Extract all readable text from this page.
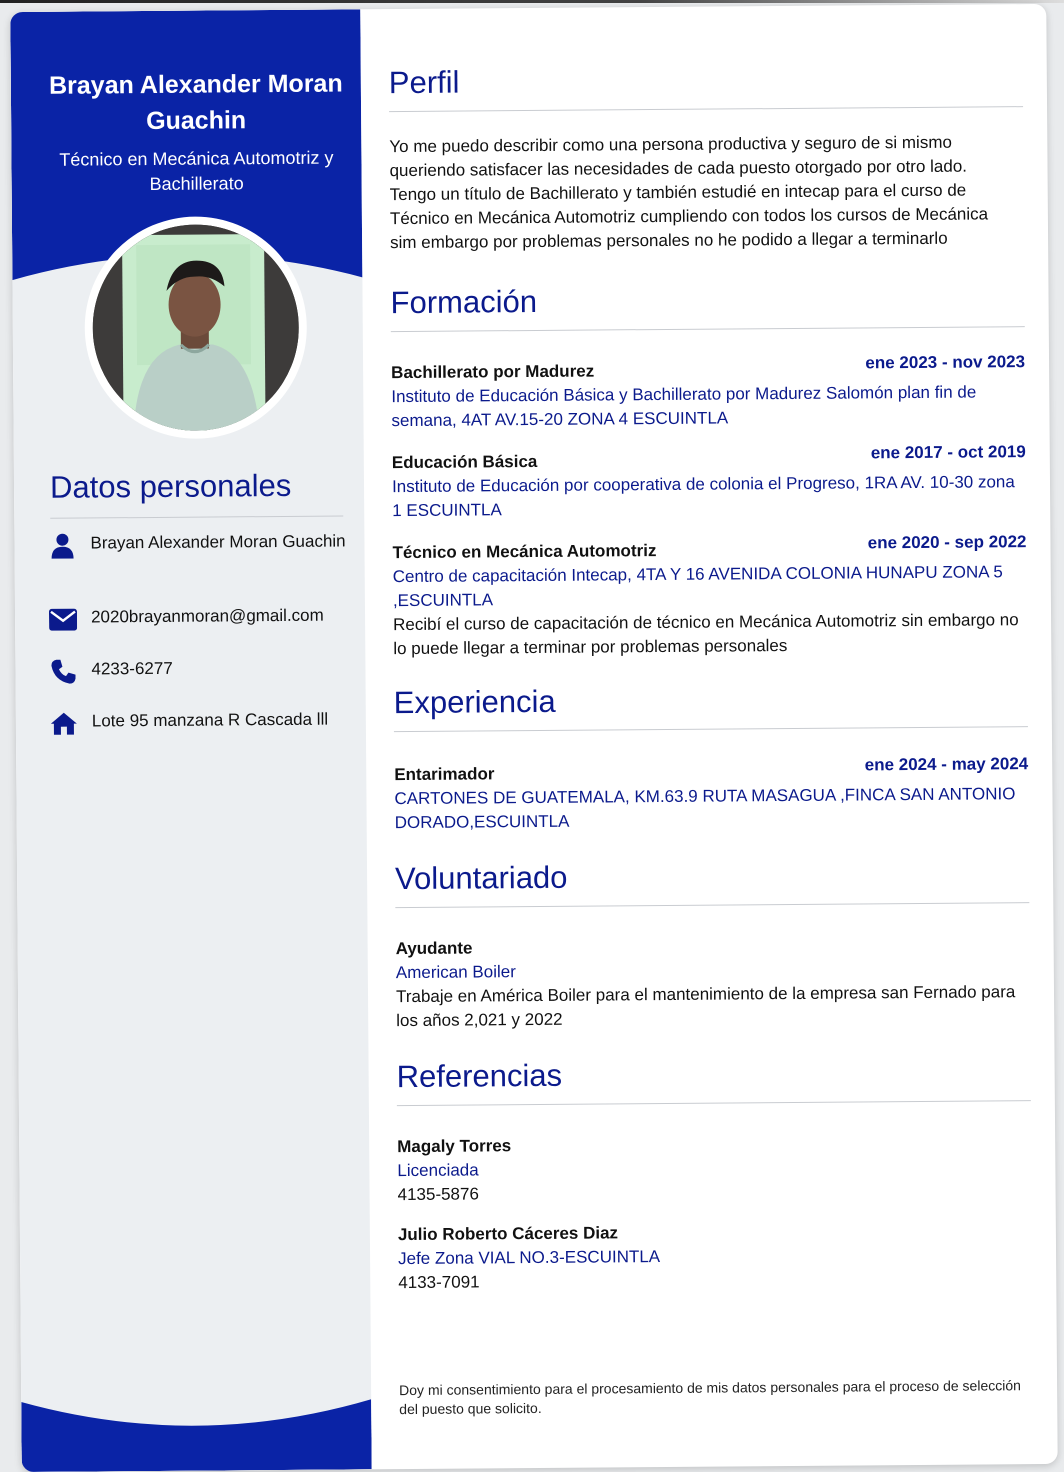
Brayan Alexander Moran Guachin
Técnico en Mecánica Automotriz y Bachillerato
Datos personales
Brayan Alexander Moran Guachin
2020brayanmoran@gmail.com
4233-6277
Lote 95 manzana R Cascada lll
Perfil
Yo me puedo describir como una persona productiva y seguro de si mismo queriendo satisfacer las necesidades de cada puesto otorgado por otro lado. Tengo un título de Bachillerato y también estudié en intecap para el curso de Técnico en Mecánica Automotriz cumpliendo con todos los cursos de Mecánica sim embargo por problemas personales no he podido a llegar a terminarlo
Formación
Bachillerato por Madurez	ene 2023 - nov 2023
Instituto de Educación Básica y Bachillerato por Madurez Salomón plan fin de semana, 4AT AV.15-20 ZONA 4 ESCUINTLA
Educación Básica	ene 2017 - oct 2019
Instituto de Educación por cooperativa de colonia el Progreso, 1RA AV. 10-30 zona 1 ESCUINTLA
Técnico en Mecánica Automotriz	ene 2020 - sep 2022
Centro de capacitación Intecap, 4TA Y 16 AVENIDA COLONIA HUNAPU ZONA 5 ,ESCUINTLA
Recibí el curso de capacitación de técnico en Mecánica Automotriz sin embargo no lo puede llegar a terminar por problemas personales
Experiencia
Entarimador	ene 2024 - may 2024
CARTONES DE GUATEMALA, KM.63.9 RUTA MASAGUA ,FINCA SAN ANTONIO DORADO,ESCUINTLA
Voluntariado
Ayudante
American Boiler
Trabaje en América Boiler para el mantenimiento de la empresa san Fernado para los años 2,021 y 2022
Referencias
Magaly Torres
Licenciada
4135-5876
Julio Roberto Cáceres Diaz
Jefe Zona VIAL NO.3-ESCUINTLA
4133-7091
Doy mi consentimiento para el procesamiento de mis datos personales para el proceso de selección del puesto que solicito.
